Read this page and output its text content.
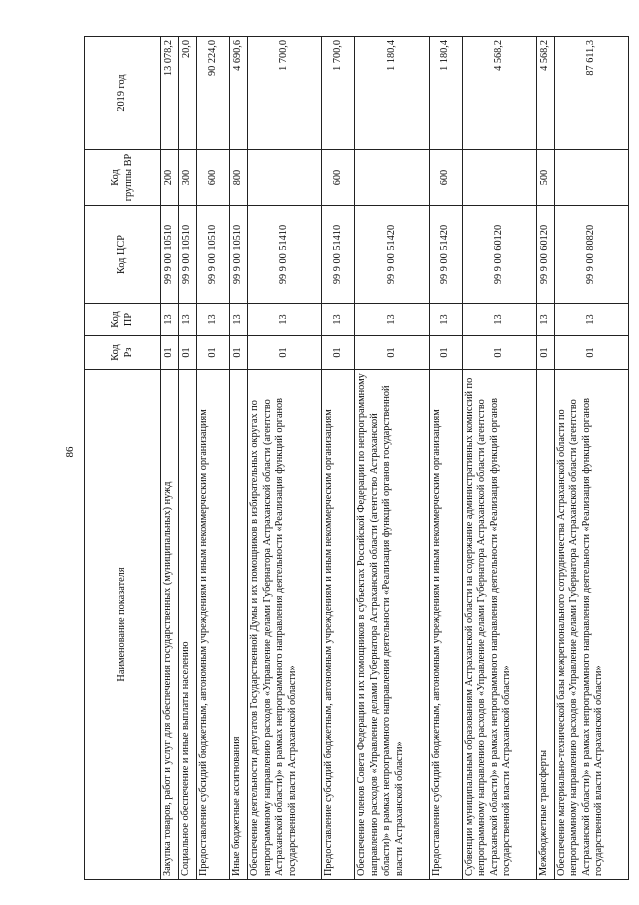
86
Наименование показателя	Код Рз	Код ПР	Код ЦСР	Код группы ВР	2019 год
Закупка товаров, работ и услуг для обеспечения государственных (муниципальных) нужд	01	13	99 9 00 10510	200	13 078,2
Социальное обеспечение и иные выплаты населению	01	13	99 9 00 10510	300	20,0
Предоставление субсидий бюджетным, автономным учреждениям и иным некоммерческим организациям	01	13	99 9 00 10510	600	90 224,0
Иные бюджетные ассигнования	01	13	99 9 00 10510	800	4 690,6
Обеспечение деятельности депутатов Государственной Думы и их помощников в избирательных округах по непрограммному направлению расходов «Управление делами Губернатора Астраханской области (агентство Астраханской области)» в рамках непрограммного направления деятельности «Реализация функций органов государственной власти Астраханской области»	01	13	99 9 00 51410		1 700,0
Предоставление субсидий бюджетным, автономным учреждениям и иным некоммерческим организациям	01	13	99 9 00 51410	600	1 700,0
Обеспечение членов Совета Федерации и их помощников в субъектах Российской Федерации по непрограммному направлению расходов «Управление делами Губернатора Астраханской области (агентство Астраханской области)» в рамках непрограммного направления деятельности «Реализация функций органов государственной власти Астраханской области»	01	13	99 9 00 51420		1 180,4
Предоставление субсидий бюджетным, автономным учреждениям и иным некоммерческим организациям	01	13	99 9 00 51420	600	1 180,4
Субвенции муниципальным образованиям Астраханской области на содержание административных комиссий по непрограммному направлению расходов «Управление делами Губернатора Астраханской области (агентство Астраханской области)» в рамках непрограммного направления деятельности «Реализация функций органов государственной власти Астраханской области»	01	13	99 9 00 60120		4 568,2
Межбюджетные трансферты	01	13	99 9 00 60120	500	4 568,2
Обеспечение материально-технической базы межрегионального сотрудничества Астраханской области по непрограммному направлению расходов «Управление делами Губернатора Астраханской области (агентство Астраханской области)» в рамках непрограммного направления деятельности «Реализация функций органов государственной власти Астраханской области»	01	13	99 9 00 80820		87 611,3
